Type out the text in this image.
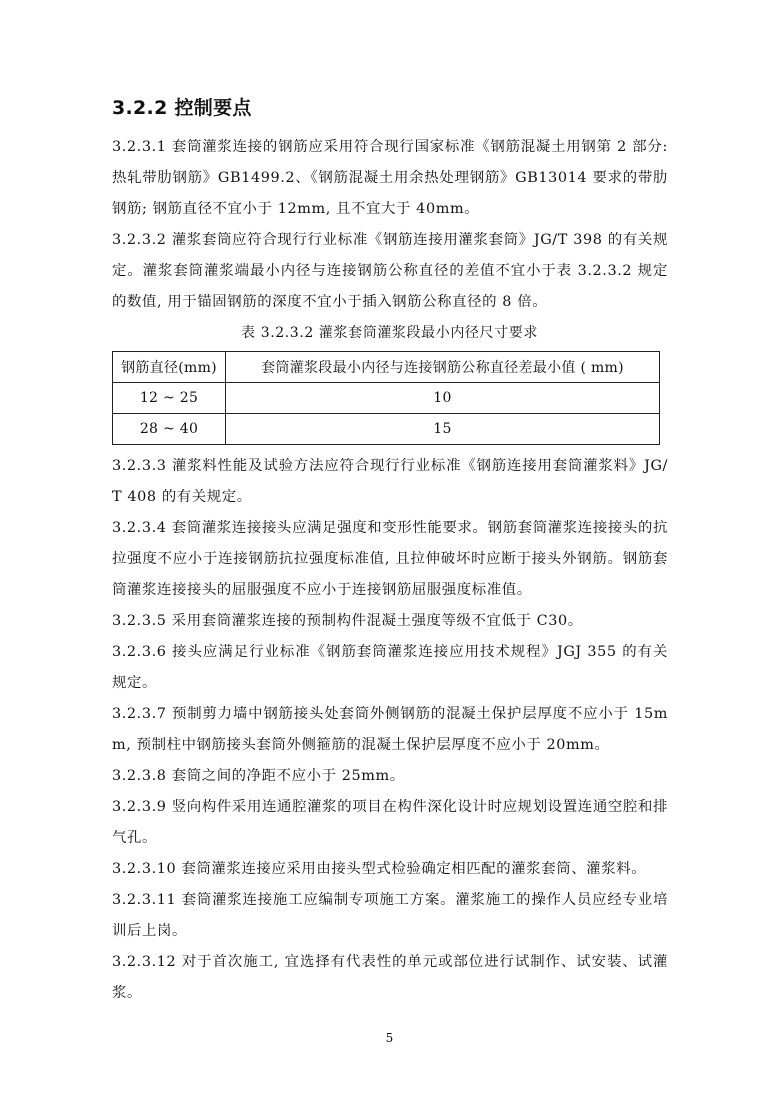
3.2.2 控制要点

3.2.3.1 套筒灌浆连接的钢筋应采用符合现行国家标准《钢筋混凝土用钢第 2 部分: 热轧带肋钢筋》GB1499.2、《钢筋混凝土用余热处理钢筋》GB13014 要求的带肋钢筋; 钢筋直径不宜小于 12mm, 且不宜大于 40mm。

3.2.3.2 灌浆套筒应符合现行行业标准《钢筋连接用灌浆套筒》JG/T 398 的有关规定。灌浆套筒灌浆端最小内径与连接钢筋公称直径的差值不宜小于表 3.2.3.2 规定的数值, 用于锚固钢筋的深度不宜小于插入钢筋公称直径的 8 倍。

表 3.2.3.2 灌浆套筒灌浆段最小内径尺寸要求
钢筋直径(mm)	套筒灌浆段最小内径与连接钢筋公称直径差最小值 ( mm)
12 ~ 25	10
28 ~ 40	15

3.2.3.3 灌浆料性能及试验方法应符合现行行业标准《钢筋连接用套筒灌浆料》JG/T 408 的有关规定。

3.2.3.4 套筒灌浆连接接头应满足强度和变形性能要求。钢筋套筒灌浆连接接头的抗拉强度不应小于连接钢筋抗拉强度标准值, 且拉伸破坏时应断于接头外钢筋。钢筋套筒灌浆连接接头的屈服强度不应小于连接钢筋屈服强度标准值。

3.2.3.5 采用套筒灌浆连接的预制构件混凝土强度等级不宜低于 C30。

3.2.3.6 接头应满足行业标准《钢筋套筒灌浆连接应用技术规程》JGJ 355 的有关规定。

3.2.3.7 预制剪力墙中钢筋接头处套筒外侧钢筋的混凝土保护层厚度不应小于 15mm, 预制柱中钢筋接头套筒外侧箍筋的混凝土保护层厚度不应小于 20mm。

3.2.3.8 套筒之间的净距不应小于 25mm。

3.2.3.9 竖向构件采用连通腔灌浆的项目在构件深化设计时应规划设置连通空腔和排气孔。

3.2.3.10 套筒灌浆连接应采用由接头型式检验确定相匹配的灌浆套筒、灌浆料。

3.2.3.11 套筒灌浆连接施工应编制专项施工方案。灌浆施工的操作人员应经专业培训后上岗。

3.2.3.12 对于首次施工, 宜选择有代表性的单元或部位进行试制作、试安装、试灌浆。

5
